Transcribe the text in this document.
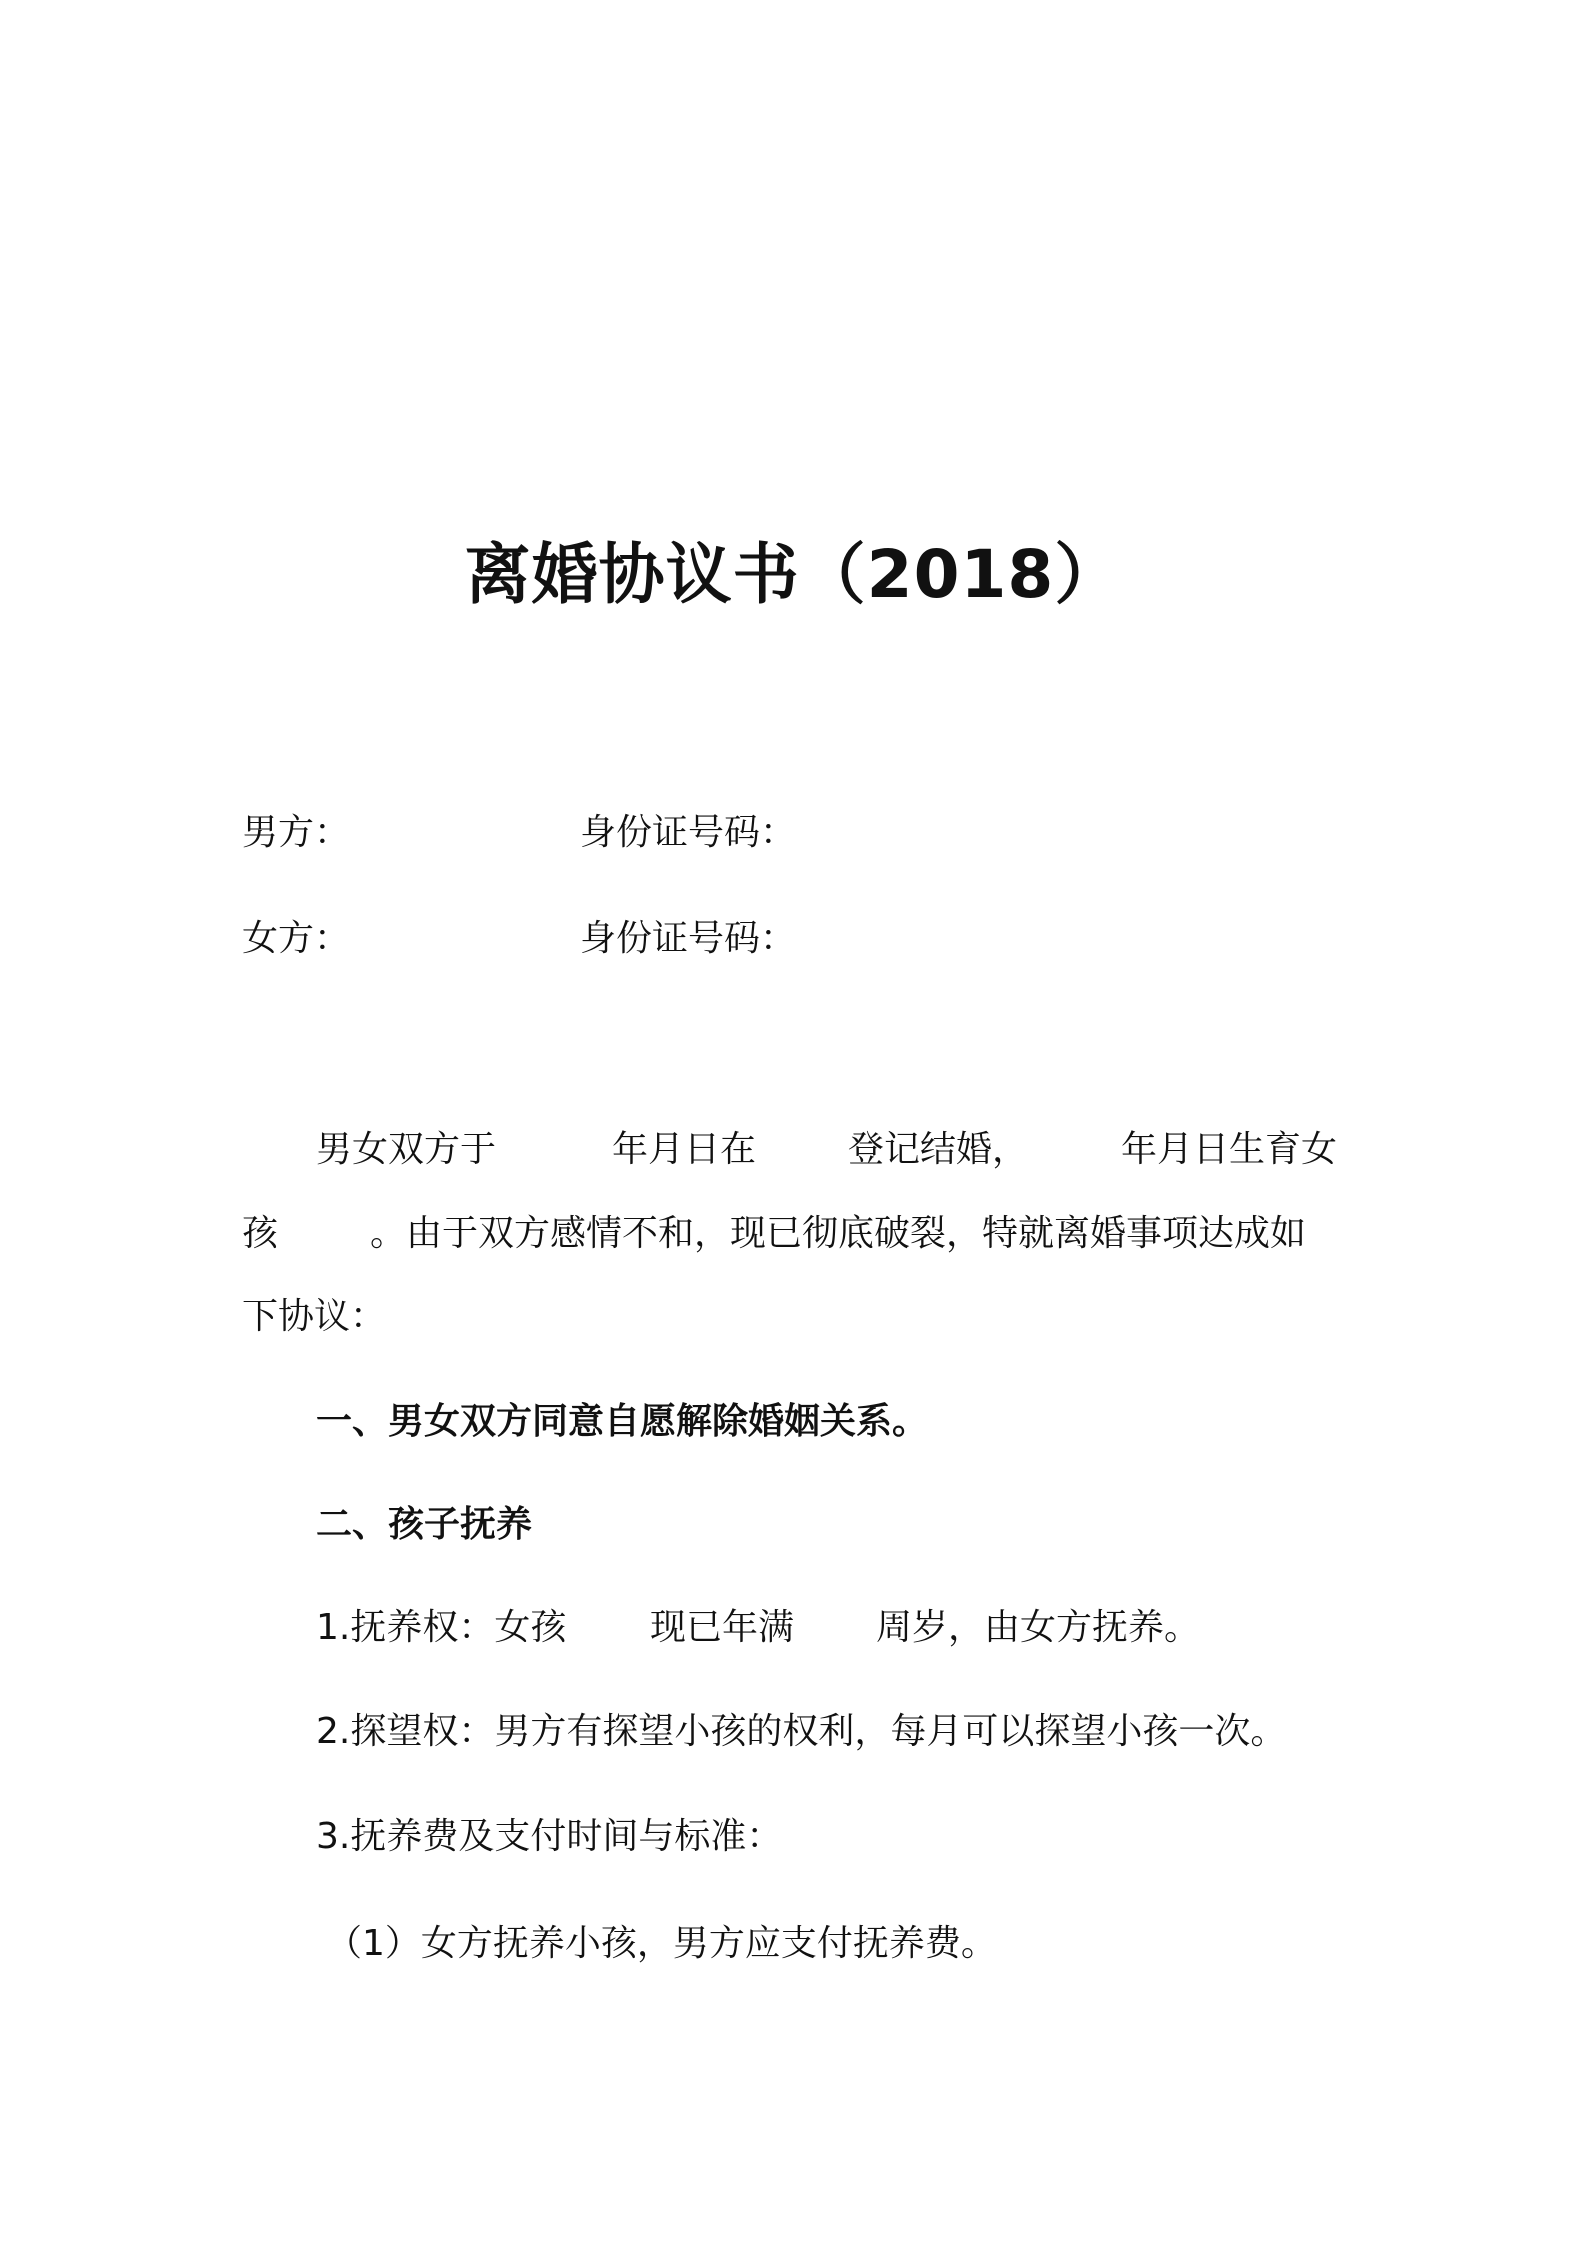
离婚协议书（2018）

男方：	身份证号码：

女方：	身份证号码：

男女双方于	年月日在	登记结婚，	年月日生育女

孩	。由于双方感情不和，现已彻底破裂，特就离婚事项达成如

下协议：

一、男女双方同意自愿解除婚姻关系。

二、孩子抚养

1.抚养权：女孩 现已年满 周岁，由女方抚养。

2.探望权：男方有探望小孩的权利，每月可以探望小孩一次。

3.抚养费及支付时间与标准：

（1）女方抚养小孩，男方应支付抚养费。
